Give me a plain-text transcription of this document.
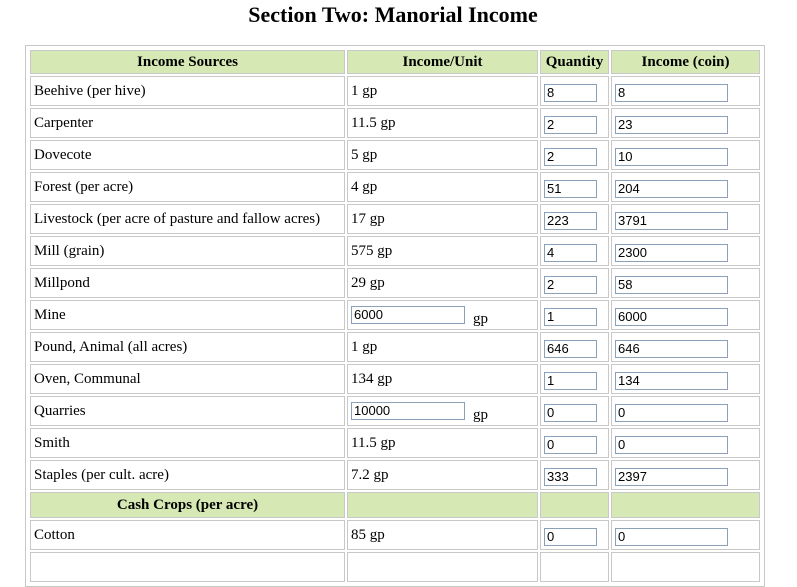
Section Two: Manorial Income
Income Sources	Income/Unit	Quantity	Income (coin)
Beehive (per hive)	1 gp	8	8
Carpenter	11.5 gp	2	23
Dovecote	5 gp	2	10
Forest (per acre)	4 gp	51	204
Livestock (per acre of pasture and fallow acres)	17 gp	223	3791
Mill (grain)	575 gp	4	2300
Millpond	29 gp	2	58
Mine	6000gp	1	6000
Pound, Animal (all acres)	1 gp	646	646
Oven, Communal	134 gp	1	134
Quarries	10000gp	0	0
Smith	11.5 gp	0	0
Staples (per cult. acre)	7.2 gp	333	2397
Cash Crops (per acre)			
Cotton	85 gp	0	0
